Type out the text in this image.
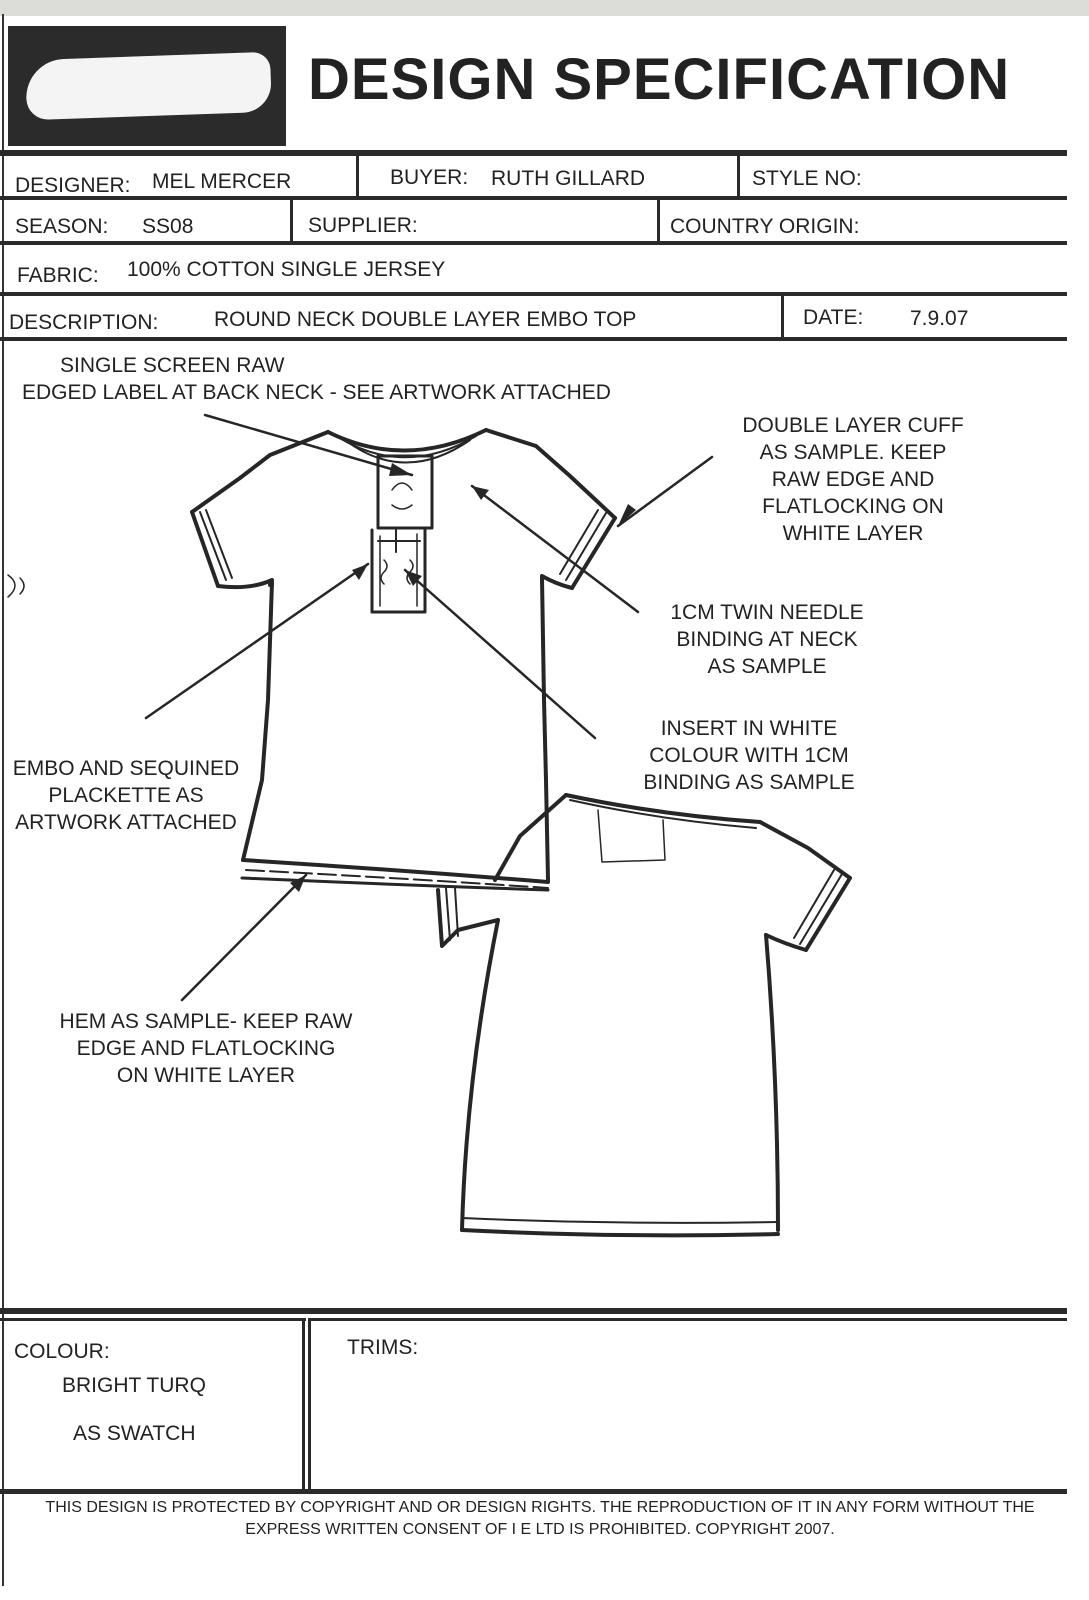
DESIGN SPECIFICATION
DESIGNER: MEL MERCER	BUYER: RUTH GILLARD	STYLE NO:
SEASON: SS08	SUPPLIER:	COUNTRY ORIGIN:
FABRIC: 100% COTTON SINGLE JERSEY
DESCRIPTION:	ROUND NECK DOUBLE LAYER EMBO TOP	DATE: 7.9.07
SINGLE SCREEN RAW
EDGED LABEL AT BACK NECK - SEE ARTWORK ATTACHED
DOUBLE LAYER CUFF
AS SAMPLE. KEEP
RAW EDGE AND
FLATLOCKING ON
WHITE LAYER
1CM TWIN NEEDLE
BINDING AT NECK
AS SAMPLE
INSERT IN WHITE
COLOUR WITH 1CM
BINDING AS SAMPLE
EMBO AND SEQUINED
PLACKETTE AS
ARTWORK ATTACHED
HEM AS SAMPLE- KEEP RAW
EDGE AND FLATLOCKING
ON WHITE LAYER
COLOUR:
BRIGHT TURQ
AS SWATCH
TRIMS:
THIS DESIGN IS PROTECTED BY COPYRIGHT AND OR DESIGN RIGHTS. THE REPRODUCTION OF IT IN ANY FORM WITHOUT THE
EXPRESS WRITTEN CONSENT OF I E LTD IS PROHIBITED. COPYRIGHT 2007.
